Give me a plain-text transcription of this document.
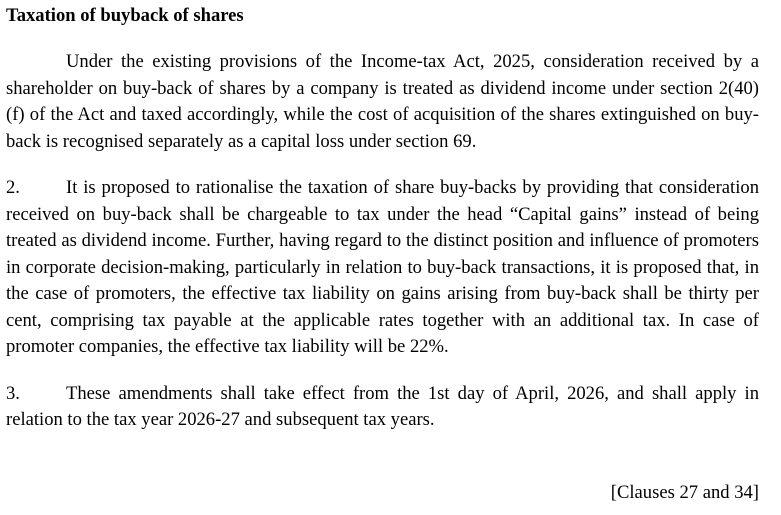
Taxation of buyback of shares

Under the existing provisions of the Income-tax Act, 2025, consideration received by a shareholder on buy-back of shares by a company is treated as dividend income under section 2(40)(f) of the Act and taxed accordingly, while the cost of acquisition of the shares extinguished on buy-back is recognised separately as a capital loss under section 69.

2. It is proposed to rationalise the taxation of share buy-backs by providing that consideration received on buy-back shall be chargeable to tax under the head “Capital gains” instead of being treated as dividend income. Further, having regard to the distinct position and influence of promoters in corporate decision-making, particularly in relation to buy-back transactions, it is proposed that, in the case of promoters, the effective tax liability on gains arising from buy-back shall be thirty per cent, comprising tax payable at the applicable rates together with an additional tax. In case of promoter companies, the effective tax liability will be 22%.

3. These amendments shall take effect from the 1st day of April, 2026, and shall apply in relation to the tax year 2026-27 and subsequent tax years.

[Clauses 27 and 34]
